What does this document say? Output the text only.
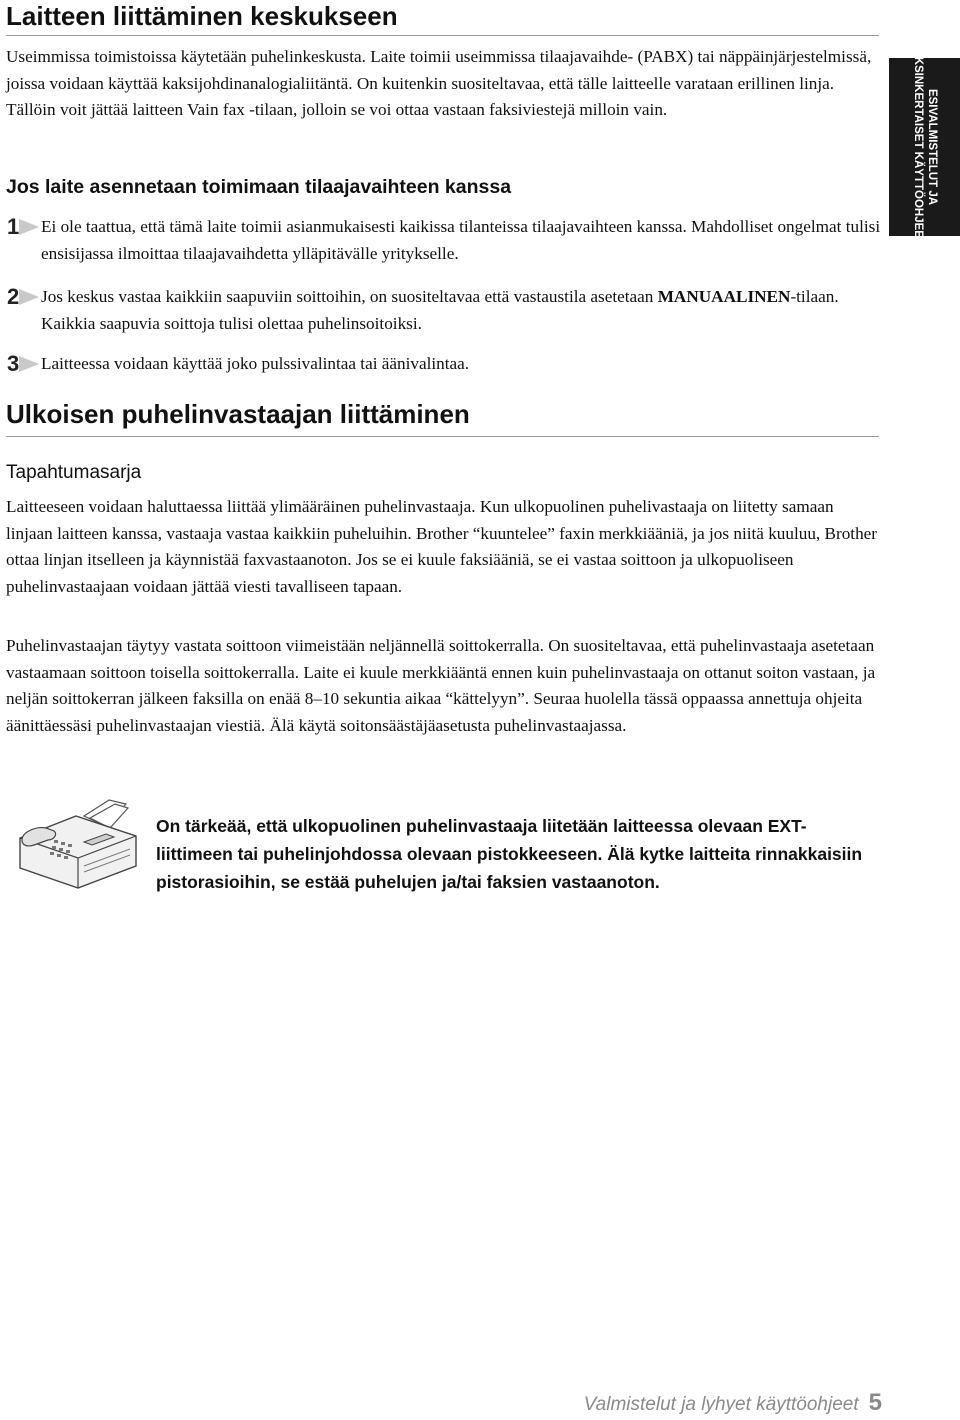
Laitteen liittäminen keskukseen

Useimmissa toimistoissa käytetään puhelinkeskusta. Laite toimii useimmissa tilaajavaihde- (PABX) tai näppäinjärjestelmissä, joissa voidaan käyttää kaksijohdinanalogialiitäntä. On kuitenkin suositeltavaa, että tälle laitteelle varataan erillinen linja. Tällöin voit jättää laitteen Vain fax -tilaan, jolloin se voi ottaa vastaan faksiviestejä milloin vain.	ESIVALMISTELUT JA
YKSINKERTAISET KÄYTTÖOHJEET
Jos laite asennetaan toimimaan tilaajavaihteen kanssa
1 Ei ole taattua, että tämä laite toimii asianmukaisesti kaikissa tilanteissa tilaajavaihteen kanssa. Mahdolliset ongelmat tulisi ensisijassa ilmoittaa tilaajavaihdetta ylläpitävälle yritykselle.

2 Jos keskus vastaa kaikkiin saapuviin soittoihin, on suositeltavaa että vastaustila asetetaan MANUAALINEN-tilaan. Kaikkia saapuvia soittoja tulisi olettaa puhelinsoitoiksi.

3 Laitteessa voidaan käyttää joko pulssivalintaa tai äänivalintaa.

Ulkoisen puhelinvastaajan liittäminen
Tapahtumasarja

Laitteeseen voidaan haluttaessa liittää ylimääräinen puhelinvastaaja. Kun ulkopuolinen puhelivastaaja on liitetty samaan linjaan laitteen kanssa, vastaaja vastaa kaikkiin puheluihin. Brother “kuuntelee” faxin merkkiääniä, ja jos niitä kuuluu, Brother ottaa linjan itselleen ja käynnistää faxvastaanoton. Jos se ei kuule faksiääniä, se ei vastaa soittoon ja ulkopuoliseen puhelinvastaajaan voidaan jättää viesti tavalliseen tapaan.

Puhelinvastaajan täytyy vastata soittoon viimeistään neljännellä soittokerralla. On suositeltavaa, että puhelinvastaaja asetetaan vastaamaan soittoon toisella soittokerralla. Laite ei kuule merkkiääntä ennen kuin puhelinvastaaja on ottanut soiton vastaan, ja neljän soittokerran jälkeen faksilla on enää 8–10 sekuntia aikaa “kättelyyn”. Seuraa huolella tässä oppaassa annettuja ohjeita äänittäessäsi puhelinvastaajan viestiä. Älä käytä soitonsäästäjäasetusta puhelinvastaajassa.

On tärkeää, että ulkopuolinen puhelinvastaaja liitetään laitteessa olevaan EXT-liittimeen tai puhelinjohdossa olevaan pistokkeeseen. Älä kytke laitteita rinnakkaisiin pistorasioihin, se estää puhelujen ja/tai faksien vastaanoton.

Valmistelut ja lyhyet käyttöohjeet 5
